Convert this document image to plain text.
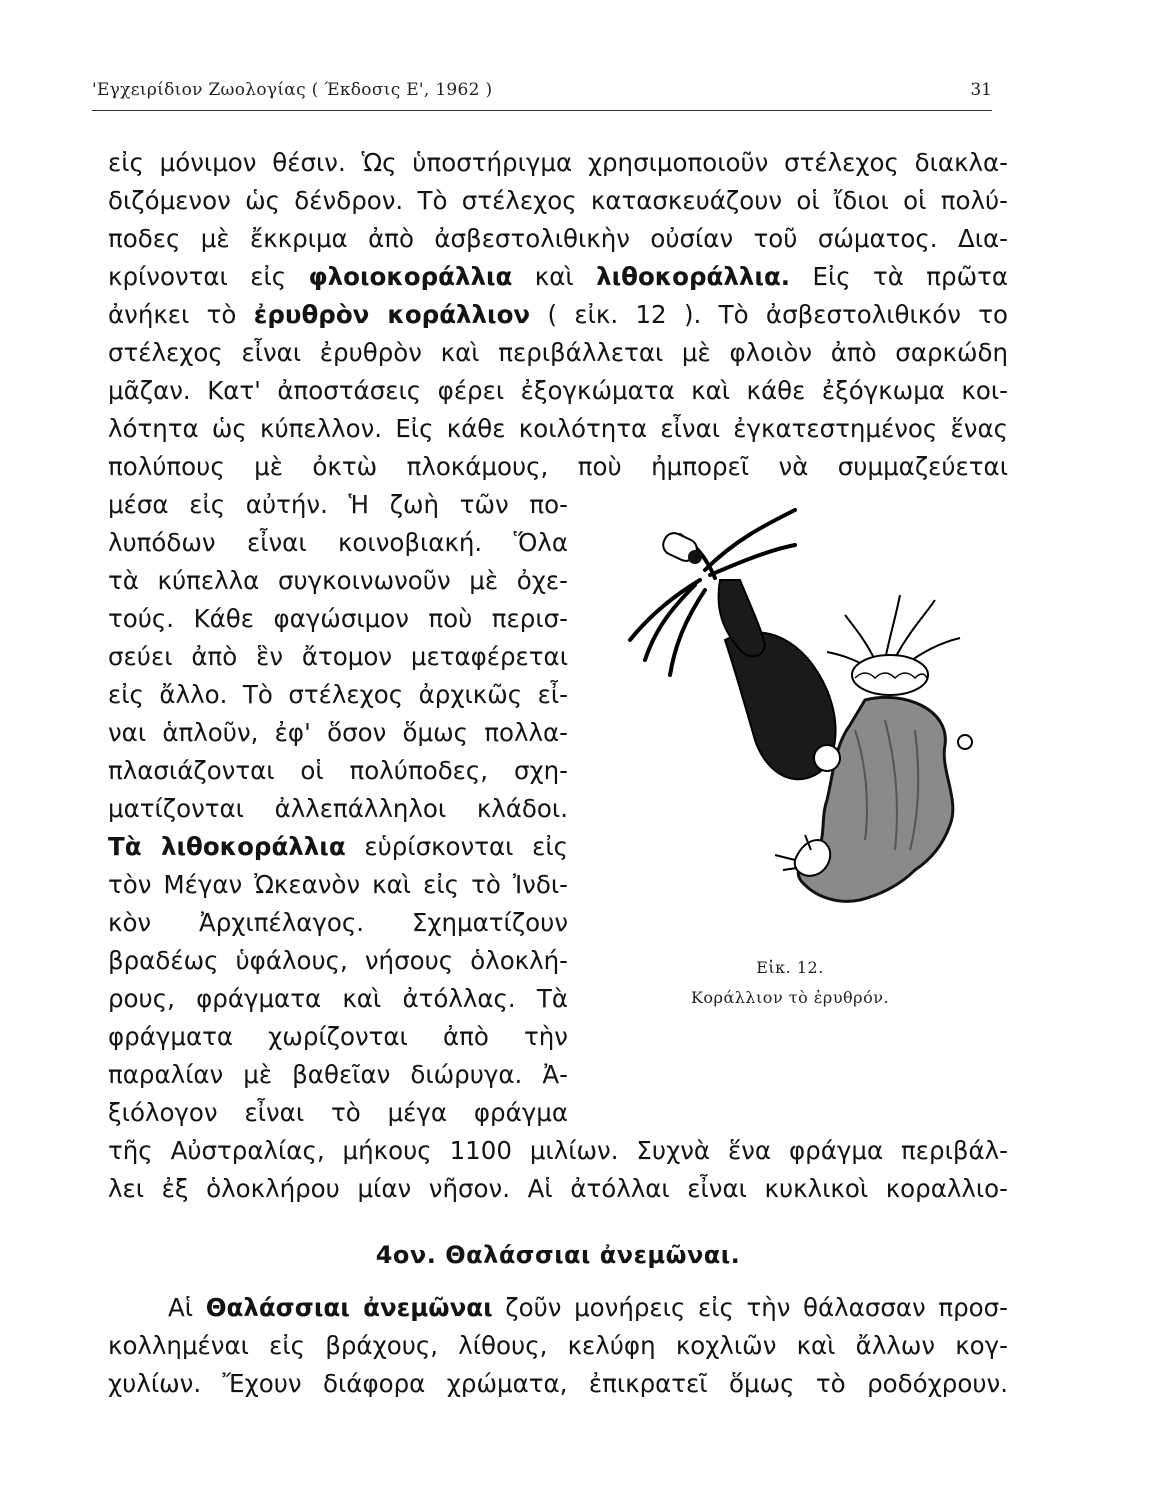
'Εγχειρίδιον Ζωολογίας ( Έκδοσις Ε', 1962 )	31
εἰς μόνιμον θέσιν. Ὡς ὑποστήριγμα χρησιμοποιοῦν στέλεχος διακλα-
διζόμενον ὡς δένδρον. Τὸ στέλεχος κατασκευάζουν οἱ ἴδιοι οἱ πολύ-
ποδες μὲ ἔκκριμα ἀπὸ ἀσβεστολιθικὴν οὐσίαν τοῦ σώματος. Δια-
κρίνονται εἰς φλοιοκοράλλια καὶ λιθοκοράλλια. Εἰς τὰ πρῶτα
ἀνήκει τὸ ἐρυθρὸν κοράλλιον ( εἰκ. 12 ). Τὸ ἀσβεστολιθικόν το
στέλεχος εἶναι ἐρυθρὸν καὶ περιβάλλεται μὲ φλοιὸν ἀπὸ σαρκώδη
μᾶζαν. Κατ' ἀποστάσεις φέρει ἐξογκώματα καὶ κάθε ἐξόγκωμα κοι-
λότητα ὡς κύπελλον. Εἰς κάθε κοιλότητα εἶναι ἐγκατεστημένος ἕνας
πολύπους μὲ ὀκτὼ πλοκάμους, ποὺ ἠμπορεῖ νὰ συμμαζεύεται
μέσα εἰς αὐτήν. Ἡ ζωὴ τῶν πο-
λυπόδων εἶναι κοινοβιακή. Ὅλα
τὰ κύπελλα συγκοινωνοῦν μὲ ὀχε-
τούς. Κάθε φαγώσιμον ποὺ περισ-
σεύει ἀπὸ ἓν ἄτομον μεταφέρεται
εἰς ἄλλο. Τὸ στέλεχος ἀρχικῶς εἶ-
ναι ἁπλοῦν, ἐφ' ὅσον ὅμως πολλα-
πλασιάζονται οἱ πολύποδες, σχη-
ματίζονται ἀλλεπάλληλοι κλάδοι.
Τὰ λιθοκοράλλια εὑρίσκονται εἰς
τὸν Μέγαν Ὠκεανὸν καὶ εἰς τὸ Ἰνδι-
κὸν Ἀρχιπέλαγος. Σχηματίζουν
βραδέως ὑφάλους, νήσους ὁλοκλή-
ρους, φράγματα καὶ ἀτόλλας. Τὰ
φράγματα χωρίζονται ἀπὸ τὴν
παραλίαν μὲ βαθεῖαν διώρυγα. Ἀ-
ξιόλογον εἶναι τὸ μέγα φράγμα
τῆς Αὐστραλίας, μήκους 1100 μιλίων. Συχνὰ ἕνα φράγμα περιβάλ-
λει ἐξ ὁλοκλήρου μίαν νῆσον. Αἱ ἀτόλλαι εἶναι κυκλικοὶ κοραλλιο-
Εἰκ. 12.
Κοράλλιον τὸ ἐρυθρόν.
4ον. Θαλάσσιαι ἀνεμῶναι.
Αἱ Θαλάσσιαι ἀνεμῶναι ζοῦν μονήρεις εἰς τὴν θάλασσαν προσ-
κολλημέναι εἰς βράχους, λίθους, κελύφη κοχλιῶν καὶ ἄλλων κογ-
χυλίων. Ἔχουν διάφορα χρώματα, ἐπικρατεῖ ὅμως τὸ ροδόχρουν.
